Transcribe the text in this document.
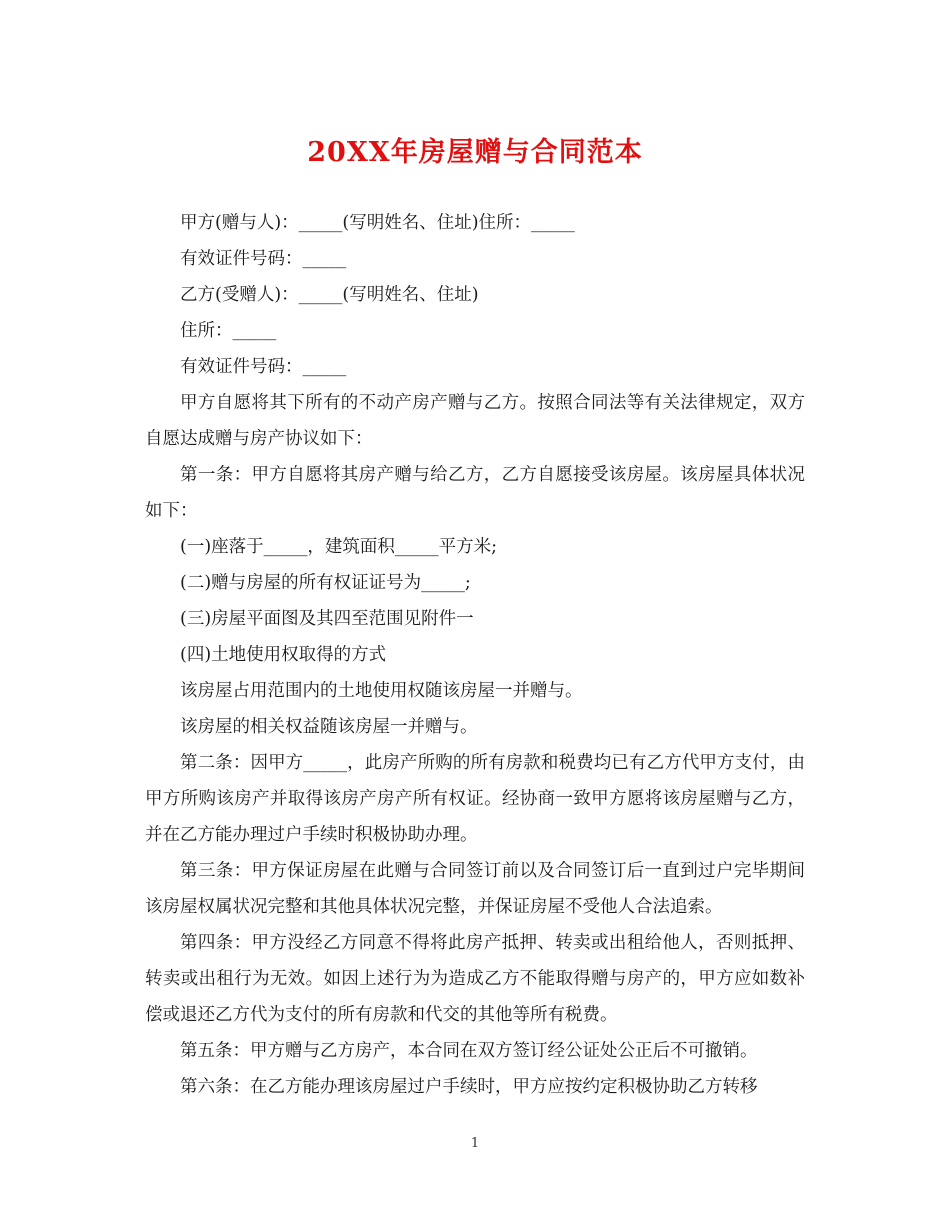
20XX年房屋赠与合同范本

甲方(赠与人)：_____(写明姓名、住址)住所：_____

有效证件号码：_____

乙方(受赠人)：_____(写明姓名、住址)

住所：_____

有效证件号码：_____

甲方自愿将其下所有的不动产房产赠与乙方。按照合同法等有关法律规定，双方自愿达成赠与房产协议如下：

第一条：甲方自愿将其房产赠与给乙方，乙方自愿接受该房屋。该房屋具体状况如下：

(一)座落于_____，建筑面积_____平方米;

(二)赠与房屋的所有权证证号为_____;

(三)房屋平面图及其四至范围见附件一

(四)土地使用权取得的方式

该房屋占用范围内的土地使用权随该房屋一并赠与。

该房屋的相关权益随该房屋一并赠与。

第二条：因甲方_____，此房产所购的所有房款和税费均已有乙方代甲方支付，由甲方所购该房产并取得该房产房产所有权证。经协商一致甲方愿将该房屋赠与乙方，并在乙方能办理过户手续时积极协助办理。

第三条：甲方保证房屋在此赠与合同签订前以及合同签订后一直到过户完毕期间该房屋权属状况完整和其他具体状况完整，并保证房屋不受他人合法追索。

第四条：甲方没经乙方同意不得将此房产抵押、转卖或出租给他人，否则抵押、转卖或出租行为无效。如因上述行为为造成乙方不能取得赠与房产的，甲方应如数补偿或退还乙方代为支付的所有房款和代交的其他等所有税费。

第五条：甲方赠与乙方房产，本合同在双方签订经公证处公正后不可撤销。

第六条：在乙方能办理该房屋过户手续时，甲方应按约定积极协助乙方转移

1
